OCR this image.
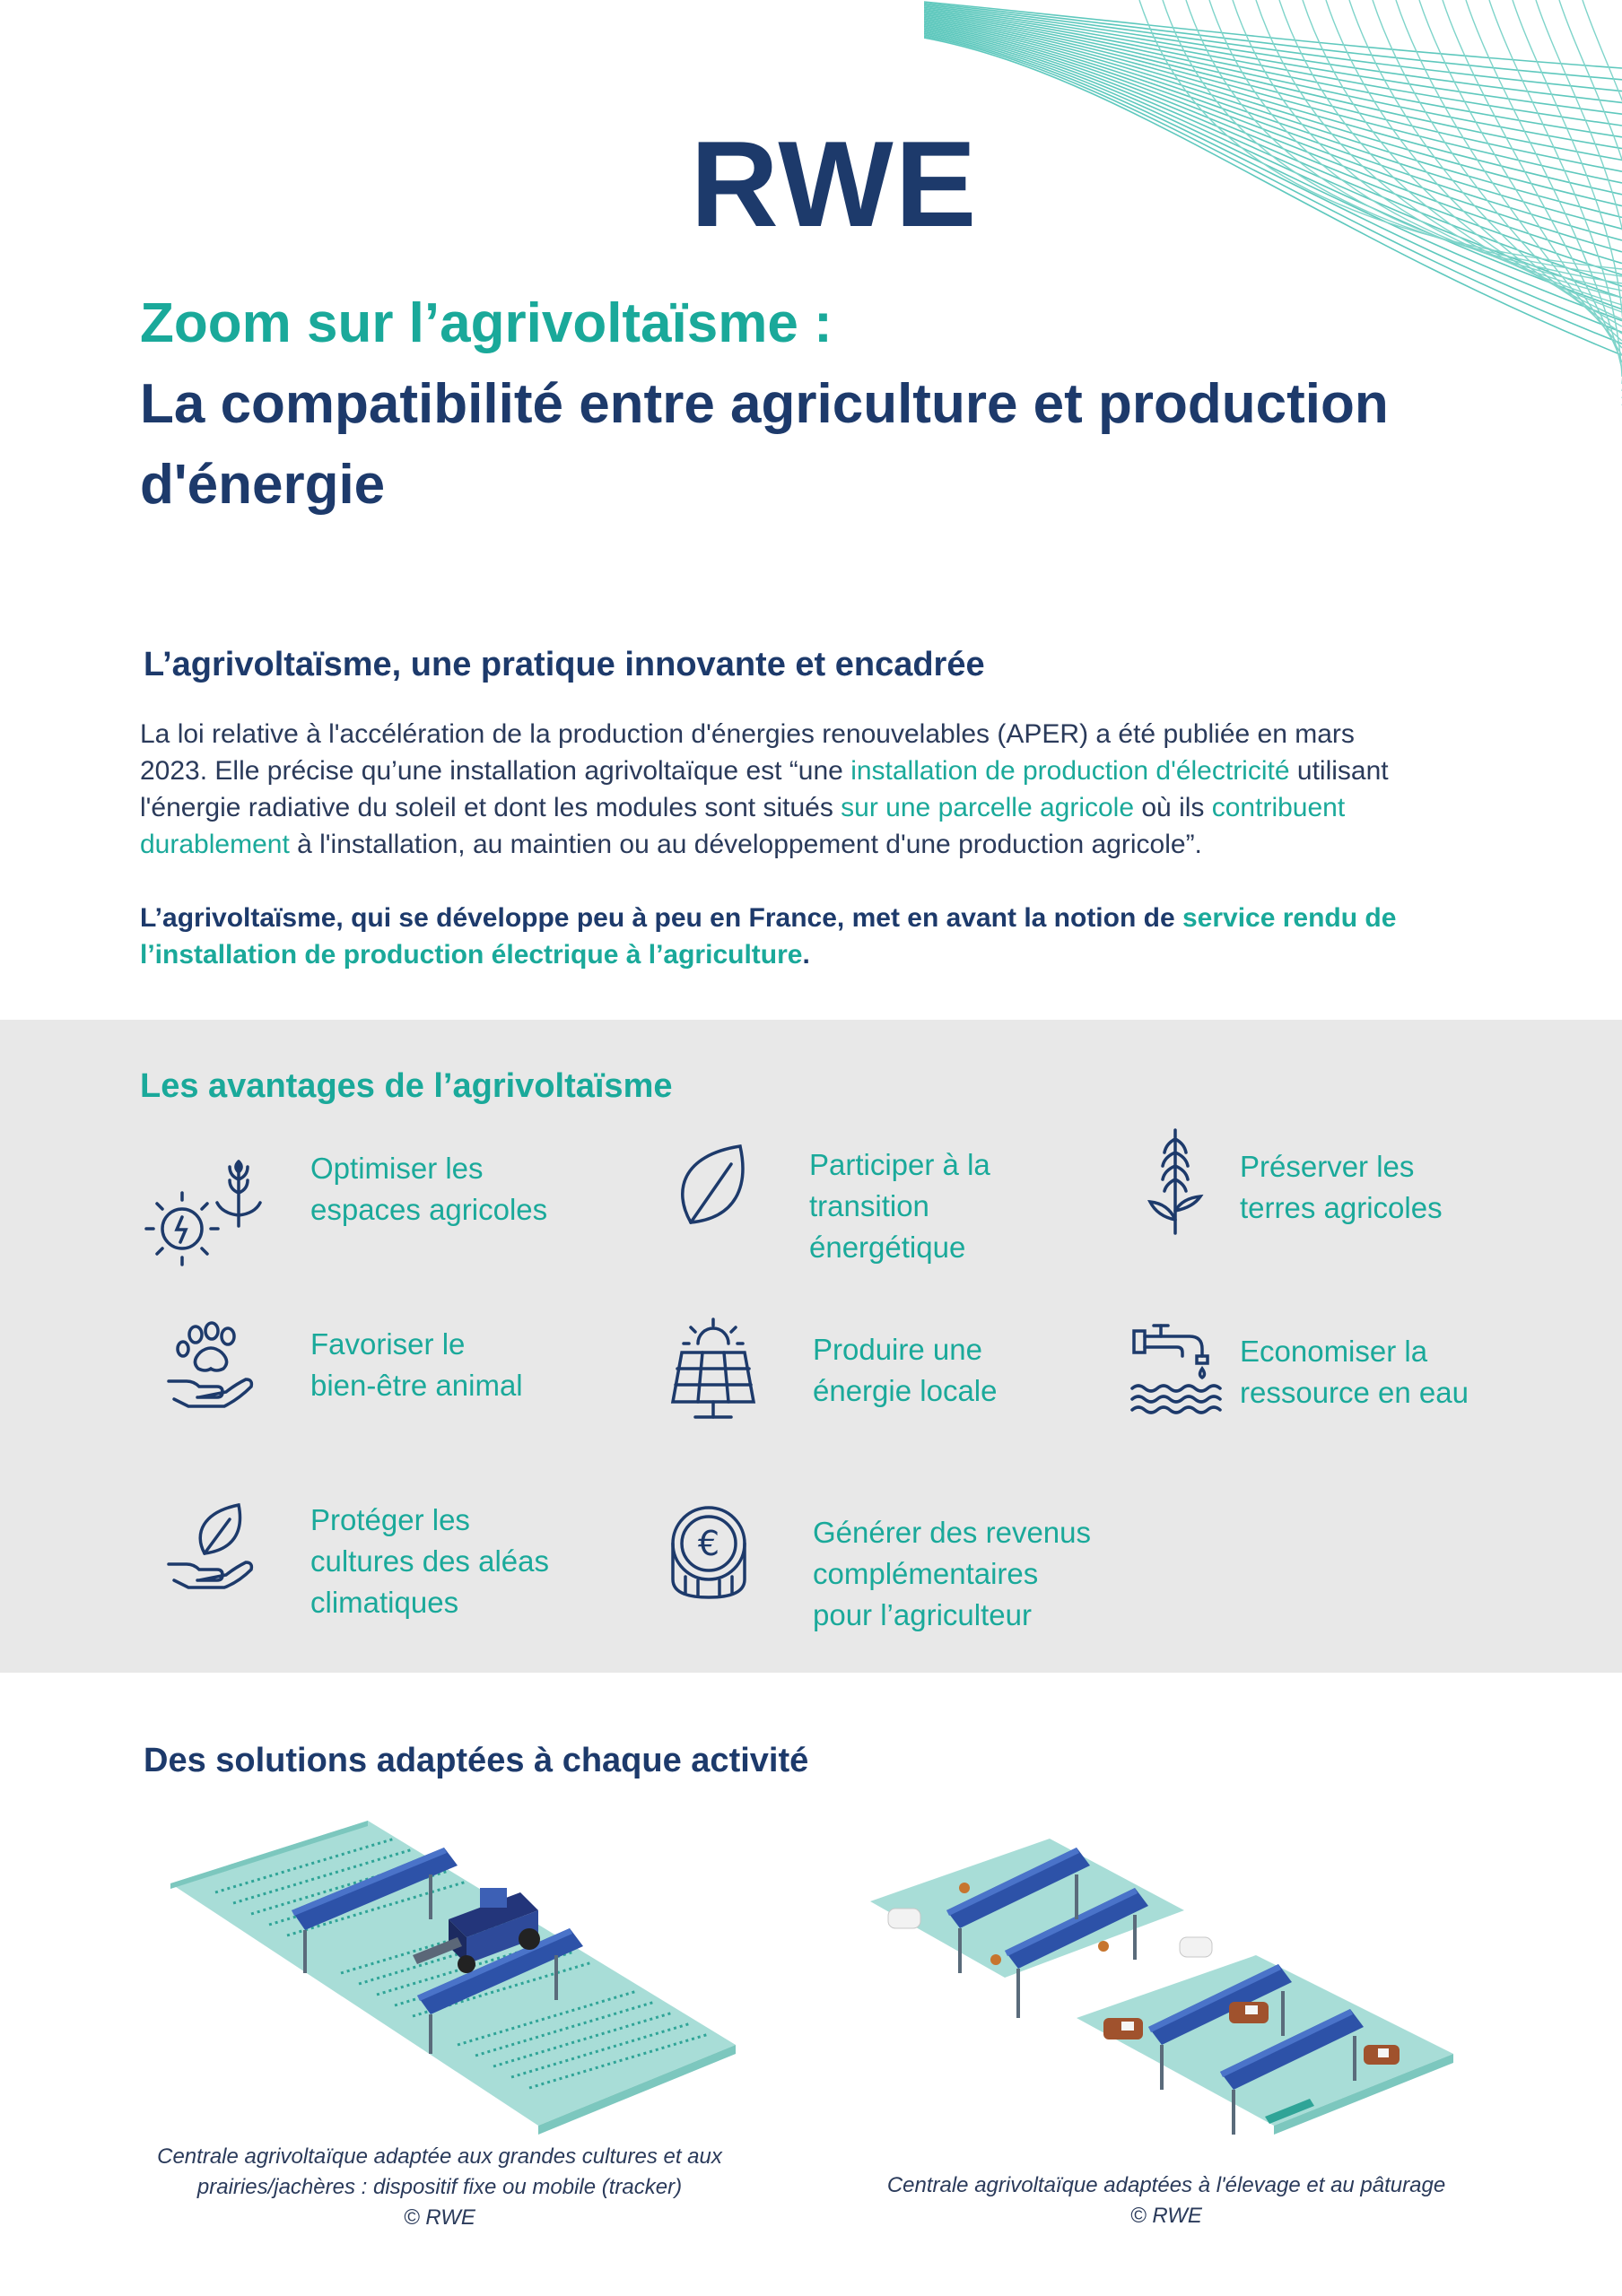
RWE
Zoom sur l’agrivoltaïsme :
La compatibilité entre agriculture et production
d'énergie
L’agrivoltaïsme, une pratique innovante et encadrée
La loi relative à l'accélération de la production d'énergies renouvelables (APER) a été publiée en mars
2023. Elle précise qu’une installation agrivoltaïque est “une installation de production d'électricité utilisant
l'énergie radiative du soleil et dont les modules sont situés sur une parcelle agricole où ils contribuent
durablement à l'installation, au maintien ou au développement d'une production agricole”.
L’agrivoltaïsme, qui se développe peu à peu en France, met en avant la notion de service rendu de
l’installation de production électrique à l’agriculture.
Les avantages de l’agrivoltaïsme
Optimiser les
espaces agricoles
Participer à la
transition
énergétique
Préserver les
terres agricoles
Favoriser le
bien-être animal
Produire une
énergie locale
Economiser la
ressource en eau
Protéger les
cultures des aléas
climatiques
€	Générer des revenus
complémentaires
pour l’agriculteur
Des solutions adaptées à chaque activité
Centrale agrivoltaïque adaptée aux grandes cultures et aux
prairies/jachères : dispositif fixe ou mobile (tracker)
© RWE
Centrale agrivoltaïque adaptées à l'élevage et au pâturage
© RWE
